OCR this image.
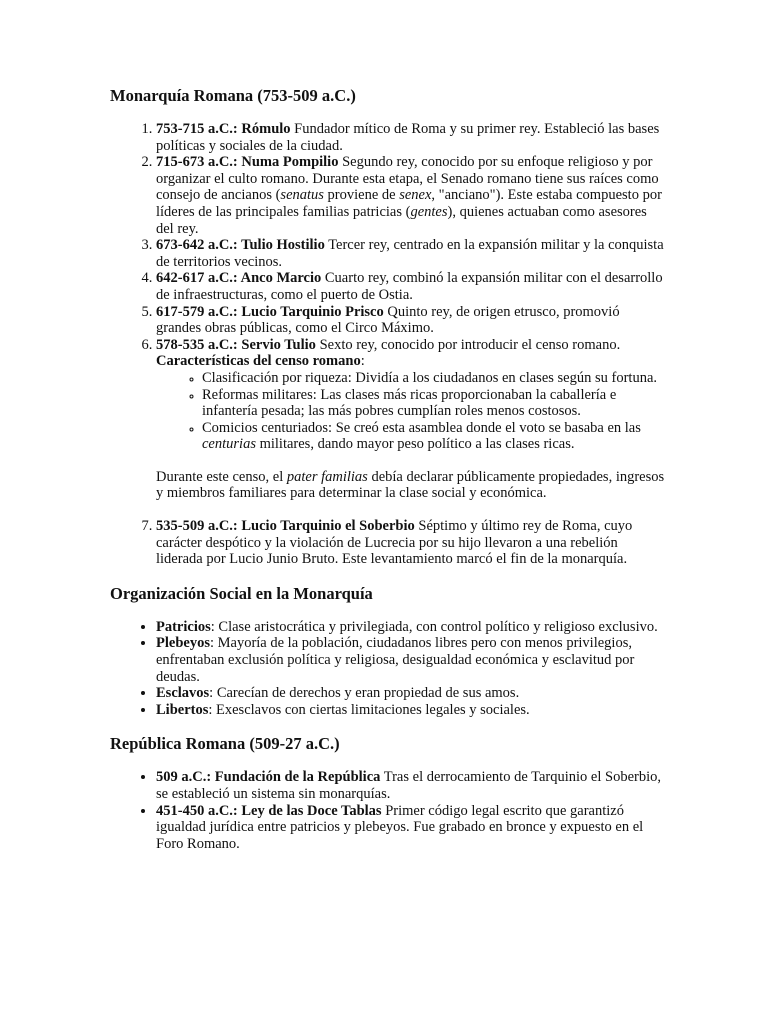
Monarquía Romana (753-509 a.C.)
1. 753-715 a.C.: Rómulo Fundador mítico de Roma y su primer rey. Estableció las bases políticas y sociales de la ciudad.
2. 715-673 a.C.: Numa Pompilio Segundo rey, conocido por su enfoque religioso y por organizar el culto romano. Durante esta etapa, el Senado romano tiene sus raíces como consejo de ancianos (senatus proviene de senex, "anciano"). Este estaba compuesto por líderes de las principales familias patricias (gentes), quienes actuaban como asesores del rey.
3. 673-642 a.C.: Tulio Hostilio Tercer rey, centrado en la expansión militar y la conquista de territorios vecinos.
4. 642-617 a.C.: Anco Marcio Cuarto rey, combinó la expansión militar con el desarrollo de infraestructuras, como el puerto de Ostia.
5. 617-579 a.C.: Lucio Tarquinio Prisco Quinto rey, de origen etrusco, promovió grandes obras públicas, como el Circo Máximo.
6. 578-535 a.C.: Servio Tulio Sexto rey, conocido por introducir el censo romano.
Características del censo romano:
◦ Clasificación por riqueza: Dividía a los ciudadanos en clases según su fortuna.
◦ Reformas militares: Las clases más ricas proporcionaban la caballería e infantería pesada; las más pobres cumplían roles menos costosos.
◦ Comicios centuriados: Se creó esta asamblea donde el voto se basaba en las centurias militares, dando mayor peso político a las clases ricas.
Durante este censo, el pater familias debía declarar públicamente propiedades, ingresos y miembros familiares para determinar la clase social y económica.
7. 535-509 a.C.: Lucio Tarquinio el Soberbio Séptimo y último rey de Roma, cuyo carácter despótico y la violación de Lucrecia por su hijo llevaron a una rebelión liderada por Lucio Junio Bruto. Este levantamiento marcó el fin de la monarquía.
Organización Social en la Monarquía
• Patricios: Clase aristocrática y privilegiada, con control político y religioso exclusivo.
• Plebeyos: Mayoría de la población, ciudadanos libres pero con menos privilegios, enfrentaban exclusión política y religiosa, desigualdad económica y esclavitud por deudas.
• Esclavos: Carecían de derechos y eran propiedad de sus amos.
• Libertos: Exesclavos con ciertas limitaciones legales y sociales.
República Romana (509-27 a.C.)
• 509 a.C.: Fundación de la República Tras el derrocamiento de Tarquinio el Soberbio, se estableció un sistema sin monarquías.
• 451-450 a.C.: Ley de las Doce Tablas Primer código legal escrito que garantizó igualdad jurídica entre patricios y plebeyos. Fue grabado en bronce y expuesto en el Foro Romano.
